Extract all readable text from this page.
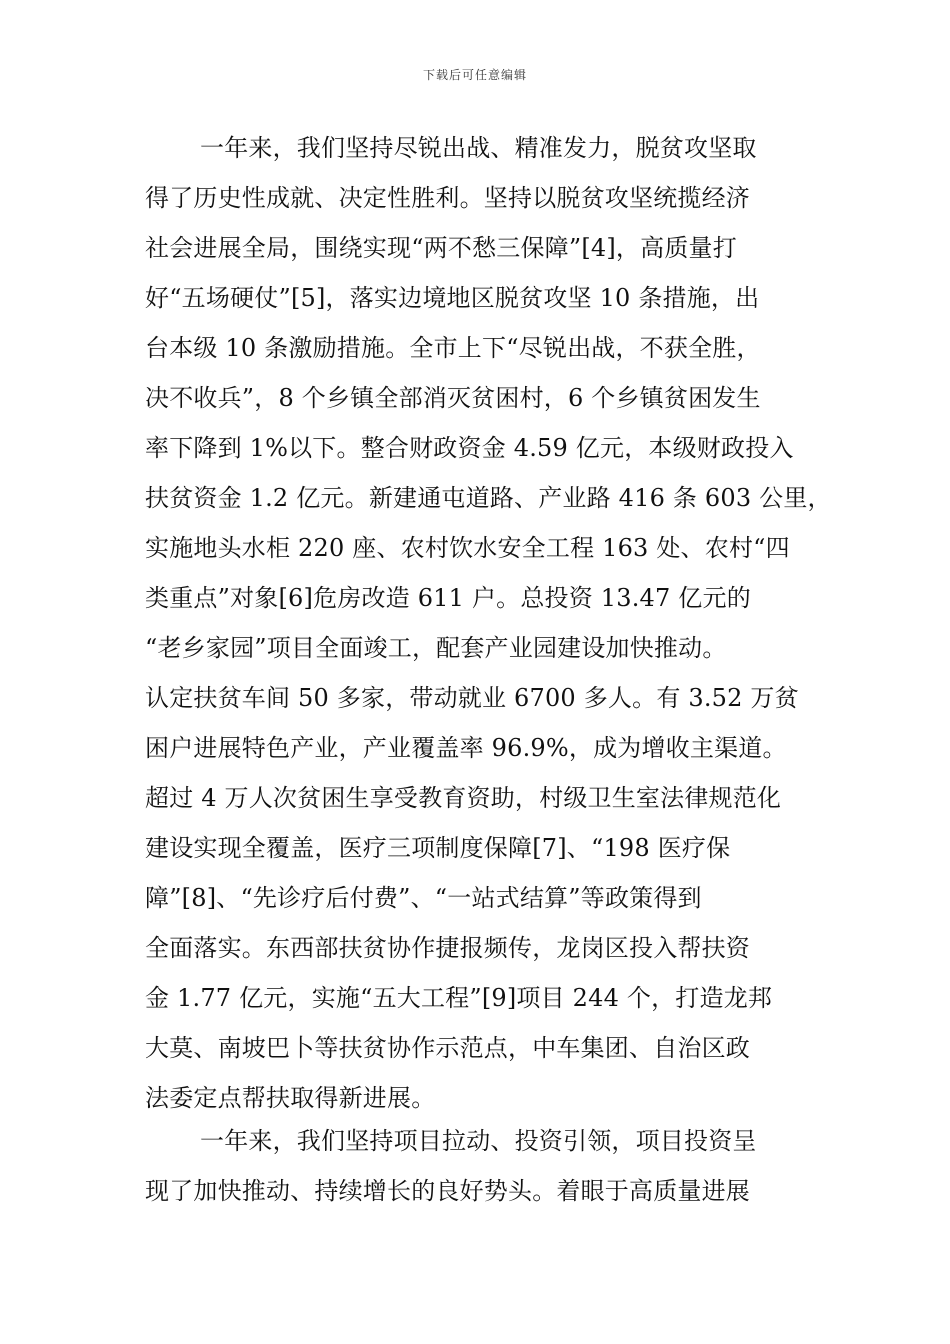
下载后可任意编辑
一年来，我们坚持尽锐出战、精准发力，脱贫攻坚取
得了历史性成就、决定性胜利。坚持以脱贫攻坚统揽经济
社会进展全局，围绕实现“两不愁三保障”[4]，高质量打
好“五场硬仗”[5]，落实边境地区脱贫攻坚 10 条措施，出
台本级 10 条激励措施。全市上下“尽锐出战，不获全胜，
决不收兵”，8 个乡镇全部消灭贫困村，6 个乡镇贫困发生
率下降到 1%以下。整合财政资金 4.59 亿元，本级财政投入
扶贫资金 1.2 亿元。新建通屯道路、产业路 416 条 603 公里，
实施地头水柜 220 座、农村饮水安全工程 163 处、农村“四
类重点”对象[6]危房改造 611 户。总投资 13.47 亿元的
“老乡家园”项目全面竣工，配套产业园建设加快推动。
认定扶贫车间 50 多家，带动就业 6700 多人。有 3.52 万贫
困户进展特色产业，产业覆盖率 96.9%，成为增收主渠道。
超过 4 万人次贫困生享受教育资助，村级卫生室法律规范化
建设实现全覆盖，医疗三项制度保障[7]、“198 医疗保
障”[8]、“先诊疗后付费”、“一站式结算”等政策得到
全面落实。东西部扶贫协作捷报频传，龙岗区投入帮扶资
金 1.77 亿元，实施“五大工程”[9]项目 244 个，打造龙邦
大莫、南坡巴卜等扶贫协作示范点，中车集团、自治区政
法委定点帮扶取得新进展。
一年来，我们坚持项目拉动、投资引领，项目投资呈
现了加快推动、持续增长的良好势头。着眼于高质量进展
